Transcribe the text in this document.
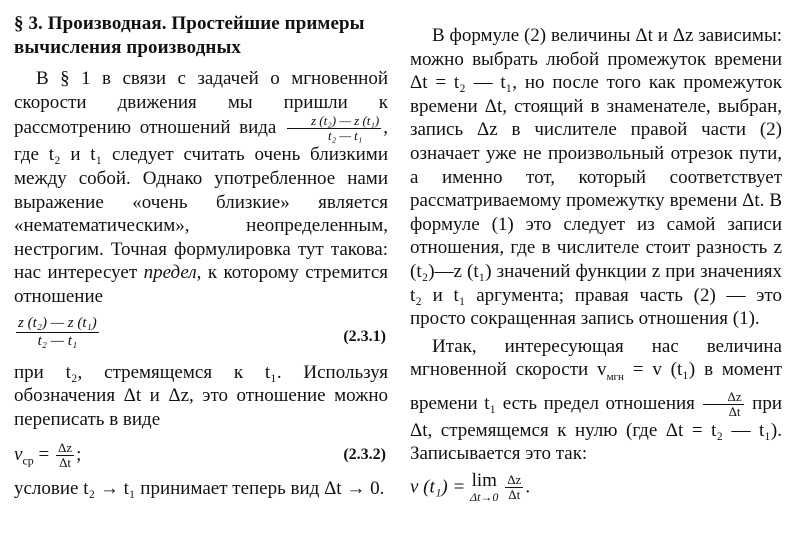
§ 3. Производная. Простейшие примеры вычисления производных

В § 1 в связи с задачей о мгновенной скорости движения мы пришли к рассмотрению отношений вида $\frac{\text{z (t₂) — z (t₁)}}{\text{t₂ — t₁}}$ , где t₂ и t₁ следует считать очень близкими между собой. Однако употребленное нами выражение «очень близкие» является «нематематическим», неопределенным, нестрогим. Точная формулировка тут такова: нас интересует предел, к которому стремится отношение

$\frac{\text{z (t₂) — z (t₁)}}{\text{t₂ — t₁}}$	(2.3.1)

при t₂, стремящемся к t₁. Используя обозначения Δt и Δz, это отношение можно переписать в виде

$v_{ср} = \frac{\Delta z}{\Delta t}$ ;	(2.3.2)

условие t₂ → t₁ принимает теперь вид Δt → 0.

В формуле (2) величины Δt и Δz зависимы: можно выбрать любой промежуток времени Δt = t₂ — t₁, но после того как промежуток времени Δt, стоящий в знаменателе, выбран, запись Δz в числителе правой части (2) означает уже не произвольный отрезок пути, а именно тот, который соответствует рассматриваемому промежутку времени Δt. В формуле (1) это следует из самой записи отношения, где в числителе стоит разность z (t₂)—z (t₁) значений функции z при значениях t₂ и t₁ аргумента; правая часть (2) — это просто сокращенная запись отношения (1).

Итак, интересующая нас величина мгновенной скорости $v_{мгн} = v$ (t₁) в момент времени t₁ есть предел отношения $\frac{\Delta z}{\Delta t}$ при Δt, стремящемся к нулю (где Δt = t₂ — t₁). Записывается это так:

v (t₁) = lim
Δt→0
$\frac{\Delta z}{\Delta t}$ .
